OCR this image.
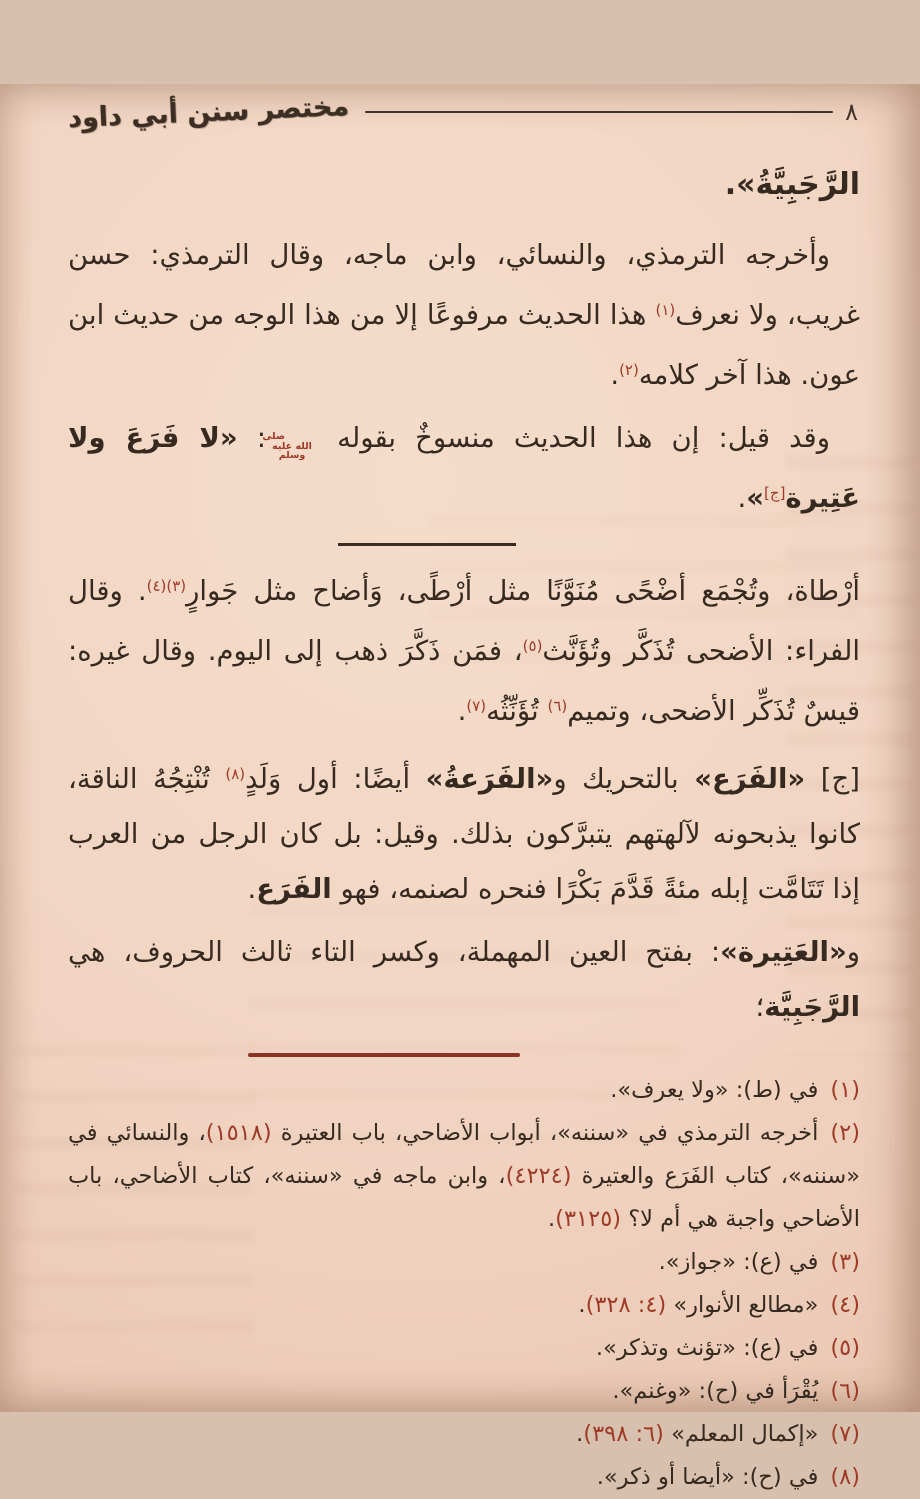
٨
مختصر سنن أبي داود

الرَّجَبِيَّةُ».

وأخرجه الترمذي، والنسائي، وابن ماجه، وقال الترمذي: حسن غريب، ولا نعرف$^{(١)}$ هذا الحديث مرفوعًا إلا من هذا الوجه من حديث ابن عون. هذا آخر كلامه$^{(٢)}$.

وقد قيل: إن هذا الحديث منسوخٌ بقوله صلى الله عليه وسلم: «لا فَرَعَ ولا عَتِيرة[ج]».

أرْطاة، وتُجْمَع أضْحًى مُنَوَّنًا مثل أرْطًى، وَأضاح مثل جَوارٍ$^{(٣)(٤)}$. وقال الفراء: الأضحى تُذَكَّر وتُؤَنَّث$^{(٥)}$، فمَن ذَكَّرَ ذهب إلى اليوم. وقال غيره: قيسٌ تُذَكِّر الأضحى، وتميم$^{(٦)}$ تُؤَنِّثُه$^{(٧)}$.

[ج] «الفَرَع» بالتحريك و«الفَرَعةُ» أيضًا: أول وَلَدٍ$^{(٨)}$ تُنْتِجُهُ الناقة، كانوا يذبحونه لآلهتهم يتبرَّكون بذلك. وقيل: بل كان الرجل من العرب إذا تَتَامَّت إبله مئةً قَدَّمَ بَكْرًا فنحره لصنمه، فهو الفَرَع.

و«العَتِيرة»: بفتح العين المهملة، وكسر التاء ثالث الحروف، هي الرَّجَبِيَّة؛

(١)في (ط): «ولا يعرف».
(٢)أخرجه الترمذي في «سننه»، أبواب الأضاحي، باب العتيرة (١٥١٨)، والنسائي في «سننه»، كتاب الفَرَع والعتيرة (٤٢٢٤)، وابن ماجه في «سننه»، كتاب الأضاحي، باب الأضاحي واجبة هي أم لا؟ (٣١٢٥).
(٣)في (ع): «جواز».
(٤)«مطالع الأنوار» (٤: ٣٢٨).
(٥)في (ع): «تؤنث وتذكر».
(٦)يُقْرَأ في (ح): «وغنم».
(٧)«إكمال المعلم» (٦: ٣٩٨).
(٨)في (ح): «أيضا أو ذكر».
